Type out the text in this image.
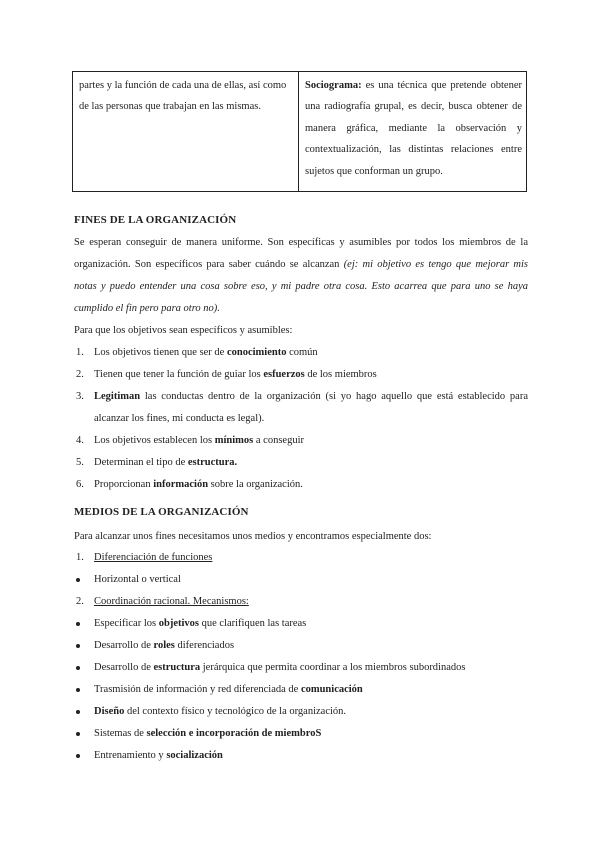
partes y la función de cada una de ellas, así como de las personas que trabajan en las mismas.
Sociograma: es una técnica que pretende obtener una radiografía grupal, es decir, busca obtener de manera gráfica, mediante la observación y contextualización, las distintas relaciones entre sujetos que conforman un grupo.
FINES DE LA ORGANIZACIÓN
Se esperan conseguir de manera uniforme. Son específicas y asumibles por todos los miembros de la organización. Son específicos para saber cuándo se alcanzan (ej: mi objetivo es tengo que mejorar mis notas y puedo entender una cosa sobre eso, y mi padre otra cosa. Esto acarrea que para uno se haya cumplido el fin pero para otro no).
Para que los objetivos sean específicos y asumibles:
1. Los objetivos tienen que ser de conocimiento común
2. Tienen que tener la función de guiar los esfuerzos de los miembros
3. Legitiman las conductas dentro de la organización (si yo hago aquello que está establecido para alcanzar los fines, mi conducta es legal).
4. Los objetivos establecen los mínimos a conseguir
5. Determinan el tipo de estructura.
6. Proporcionan información sobre la organización.
MEDIOS DE LA ORGANIZACIÓN
Para alcanzar unos fines necesitamos unos medios y encontramos especialmente dos:
1. Diferenciación de funciones
Horizontal o vertical
2. Coordinación racional. Mecanismos:
Especificar los objetivos que clarifiquen las tareas
Desarrollo de roles diferenciados
Desarrollo de estructura jerárquica que permita coordinar a los miembros subordinados
Trasmisión de información y red diferenciada de comunicación
Diseño del contexto físico y tecnológico de la organización.
Sistemas de selección e incorporación de miembroS
Entrenamiento y socialización
